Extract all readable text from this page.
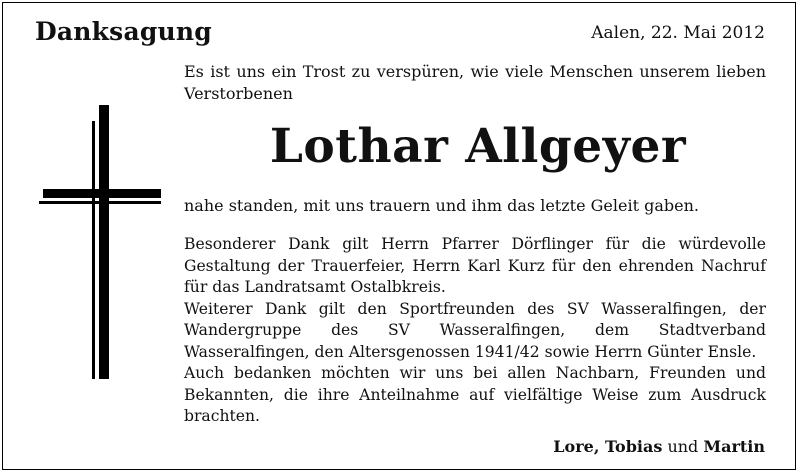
Danksagung	Aalen, 22. Mai 2012
Es ist uns ein Trost zu verspüren, wie viele Menschen unserem lieben Verstorbenen
Lothar Allgeyer
nahe standen, mit uns trauern und ihm das letzte Geleit gaben.

Besonderer Dank gilt Herrn Pfarrer Dörflinger für die würdevolle Gestaltung der Trauerfeier, Herrn Karl Kurz für den ehrenden Nachruf für das Landratsamt Ostalbkreis.

Weiterer Dank gilt den Sportfreunden des SV Wasseralfingen, der Wandergruppe des SV Wasseralfingen, dem Stadtverband Wasseralfingen, den Altersgenossen 1941/42 sowie Herrn Günter Ensle.

Auch bedanken möchten wir uns bei allen Nachbarn, Freunden und Bekannten, die ihre Anteilnahme auf vielfältige Weise zum Ausdruck brachten.

Lore, Tobias und Martin
